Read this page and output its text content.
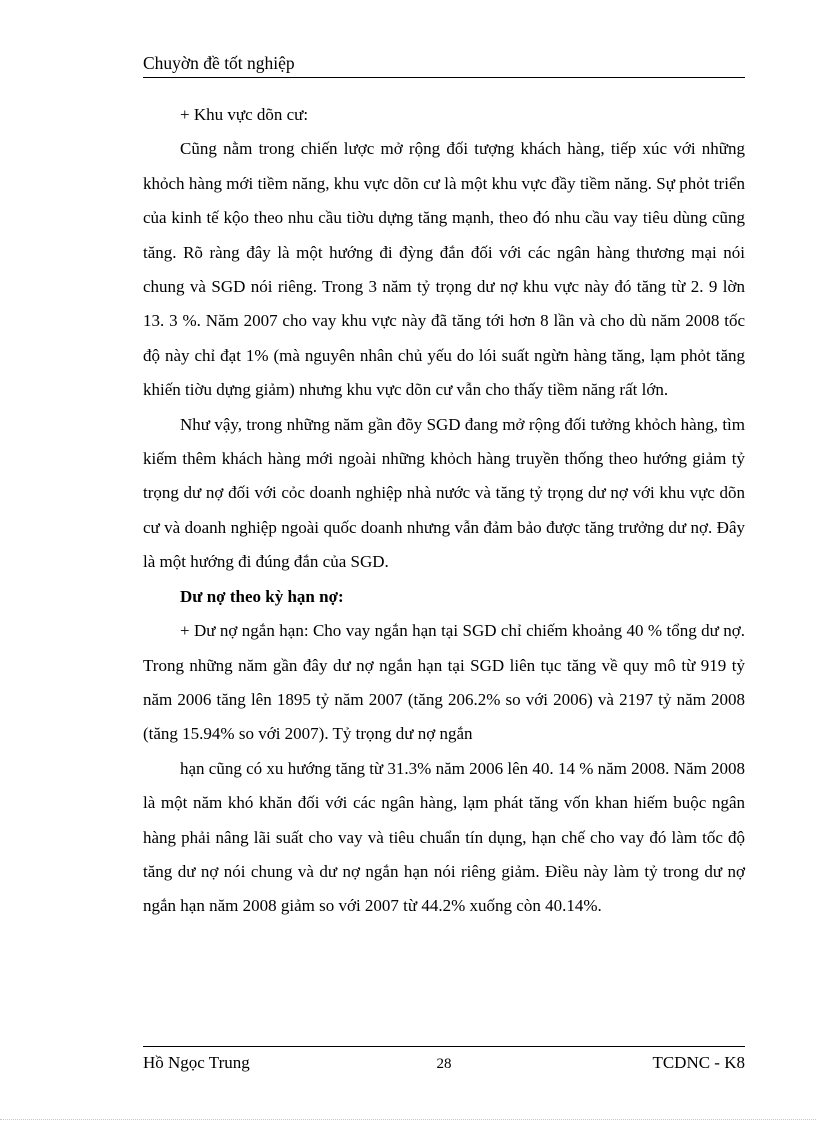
Chuyờn đề tốt nghiệp

+ Khu vực dõn cư:

Cũng nằm trong chiến lược mở rộng đối tượng khách hàng, tiếp xúc với những khỏch hàng mới tiềm năng, khu vực dõn cư là một khu vực đầy tiềm năng. Sự phỏt triển của kinh tế kộo theo nhu cầu tiờu dựng tăng mạnh, theo đó nhu cầu vay tiêu dùng cũng tăng. Rõ ràng đây là một hướng đi đỳng đắn đối với các ngân hàng thương mại nói chung và SGD nói riêng. Trong 3 năm tỷ trọng dư nợ khu vực này đó tăng từ 2. 9 lờn 13. 3 %. Năm 2007 cho vay khu vực này đã tăng tới hơn 8 lần và cho dù năm 2008 tốc độ này chỉ đạt 1% (mà nguyên nhân chủ yếu do lói suất ngừn hàng tăng, lạm phỏt tăng khiến tiờu dựng giảm) nhưng khu vực dõn cư vẫn cho thấy tiềm năng rất lớn.

Như vậy, trong những năm gần đõy SGD đang mở rộng đối tưởng khỏch hàng, tìm kiếm thêm khách hàng mới ngoài những khỏch hàng truyền thống theo hướng giảm tỷ trọng dư nợ đối với cỏc doanh nghiệp nhà nước và tăng tỷ trọng dư nợ với khu vực dõn cư và doanh nghiệp ngoài quốc doanh nhưng vẫn đảm bảo được tăng trưởng dư nợ. Đây là một hướng đi đúng đắn của SGD.

Dư nợ theo kỳ hạn nợ:

+ Dư nợ ngắn hạn: Cho vay ngắn hạn tại SGD chỉ chiếm khoảng 40 % tổng dư nợ. Trong những năm gần đây dư nợ ngắn hạn tại SGD liên tục tăng về quy mô từ 919 tỷ năm 2006 tăng lên 1895 tỷ năm 2007 (tăng 206.2% so với 2006) và 2197 tỷ năm 2008 (tăng 15.94% so với 2007). Tỷ trọng dư nợ ngắn

hạn cũng có xu hướng tăng từ 31.3% năm 2006 lên 40. 14 % năm 2008. Năm 2008 là một năm khó khăn đối với các ngân hàng, lạm phát tăng vốn khan hiếm buộc ngân hàng phải nâng lãi suất cho vay và tiêu chuẩn tín dụng, hạn chế cho vay đó làm tốc độ tăng dư nợ nói chung và dư nợ ngắn hạn nói riêng giảm. Điều này làm tỷ trong dư nợ ngắn hạn năm 2008 giảm so với 2007 từ 44.2% xuống còn 40.14%.

Hồ Ngọc Trung	28	TCDNC - K8
